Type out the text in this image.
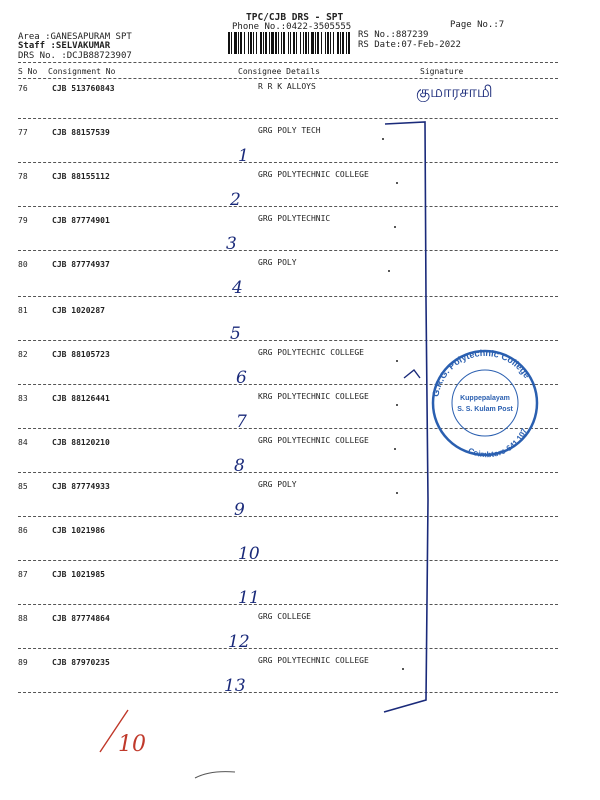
TPC/CJB DRS - SPT
Phone No.:0422-3505555	Page No.:7
Area :GANESAPURAM SPT
Staff :SELVAKUMAR
DRS No. :DCJB88723907
RS No.:887239
RS Date:07-Feb-2022
S No Consignment No	Consignee Details	Signature
76	CJB 513760843	R R K ALLOYS
77	CJB 88157539	GRG POLY TECH
1
78	CJB 88155112	GRG POLYTECHNIC COLLEGE
2
79	CJB 87774901	GRG POLYTECHNIC
3
80	CJB 87774937	GRG POLY
4
81	CJB 1020287
5
82	CJB 88105723	GRG POLYTECHIC COLLEGE
6
83	CJB 88126441	KRG POLYTECHNIC COLLEGE
7
84	CJB 88120210	GRG POLYTECHNIC COLLEGE
8
85	CJB 87774933	GRG POLY
9
86	CJB 1021986
10
87	CJB 1021985
11
88	CJB 87774864	GRG COLLEGE
12
89	CJB 87970235	GRG POLYTECHNIC COLLEGE
13
குமாரசாமி
10
G.R.G. Polytechnic College
Kuppepalayam
S. S. Kulam Post
Coimbtore-641 107
